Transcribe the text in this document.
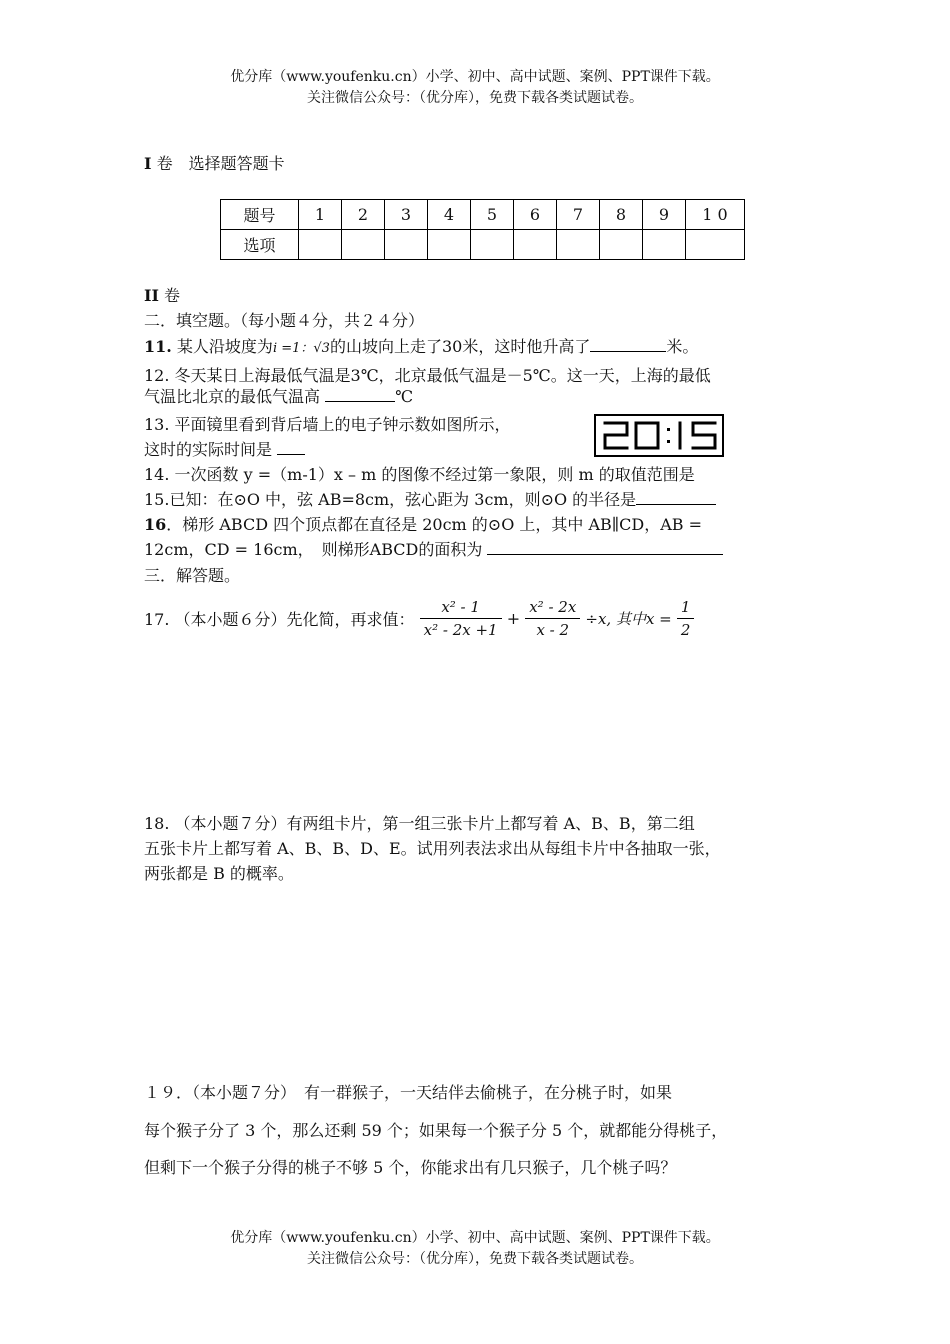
优分库（www.youfenku.cn）小学、初中、高中试题、案例、PPT课件下载。
关注微信公众号：（优分库），免费下载各类试题试卷。
I 卷　选择题答题卡
题号	1	2	3	4	5	6	7	8	9	1 0
选项										
II 卷
二．填空题。（每小题４分，共２４分）
11. 某人沿坡度为i =1：√3的山坡向上走了30米，这时他升高了	米。
12. 冬天某日上海最低气温是3℃，北京最低气温是－5℃。这一天，上海的最低
气温比北京的最低气温高	℃
13. 平面镜里看到背后墙上的电子钟示数如图所示，
这时的实际时间是
14. 一次函数 y =（m-1）x – m 的图像不经过第一象限，则 m 的取值范围是
15.已知：在⊙O 中，弦 AB=8cm，弦心距为 3cm，则⊙O 的半径是
16．梯形 ABCD 四个顶点都在直径是 20cm 的⊙O 上，其中 AB∥CD，AB =
12cm，CD = 16cm，　则梯形ABCD的面积为
三．解答题。
17. （本小题６分）先化简，再求值： $\frac{\text{x² - 1}}{\text{x² - 2x +1}} + \frac{\text{x² - 2x}}{x - 2} \div x$, 其中$x = \frac{1}{2}$
18. （本小题７分）有两组卡片，第一组三张卡片上都写着 A、B、B，第二组
五张卡片上都写着 A、B、B、D、E。试用列表法求出从每组卡片中各抽取一张，
两张都是 B 的概率。
１９．（本小题７分）　有一群猴子，一天结伴去偷桃子，在分桃子时，如果
每个猴子分了 3 个，那么还剩 59 个；如果每一个猴子分 5 个，就都能分得桃子，
但剩下一个猴子分得的桃子不够 5 个，你能求出有几只猴子，几个桃子吗？
优分库（www.youfenku.cn）小学、初中、高中试题、案例、PPT课件下载。
关注微信公众号：（优分库），免费下载各类试题试卷。
